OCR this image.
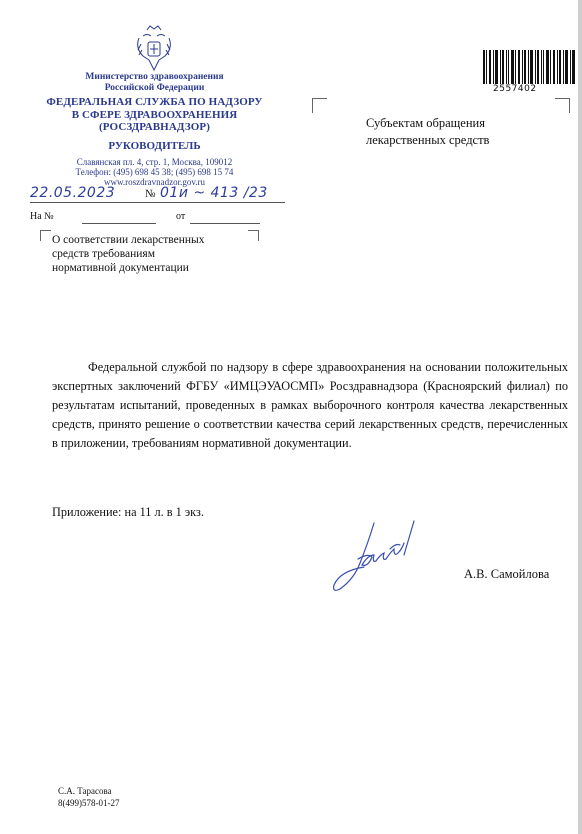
Министерство здравоохранения
Российской Федерации
ФЕДЕРАЛЬНАЯ СЛУЖБА ПО НАДЗОРУ
В СФЕРЕ ЗДРАВООХРАНЕНИЯ
(РОСЗДРАВНАДЗОР)
РУКОВОДИТЕЛЬ
Славянская пл. 4, стр. 1, Москва, 109012
Телефон: (495) 698 45 38; (495) 698 15 74
www.roszdravnadzor.gov.ru
22.05.2023	№ 01и ~ 413 /23
На №	от
О соответствии лекарственных
средств требованиям
нормативной документации
Субъектам обращения
лекарственных средств
2557402
Федеральной службой по надзору в сфере здравоохранения на основании положительных экспертных заключений ФГБУ «ИМЦЭУАОСМП» Росздравнадзора (Красноярский филиал) по результатам испытаний, проведенных в рамках выборочного контроля качества лекарственных средств, принято решение о соответствии качества серий лекарственных средств, перечисленных в приложении, требованиям нормативной документации.
Приложение: на 11 л. в 1 экз.
А.В. Самойлова
С.А. Тарасова
8(499)578-01-27
